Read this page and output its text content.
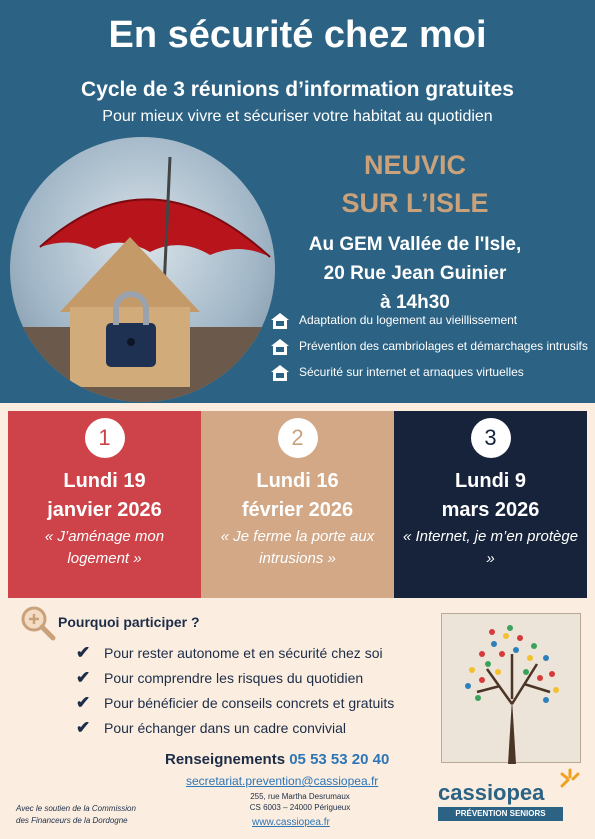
En sécurité chez moi
Cycle de 3 réunions d’information gratuites
Pour mieux vivre et sécuriser votre habitat au quotidien
NEUVIC
SUR L’ISLE
Au GEM Vallée de l'Isle,
20 Rue Jean Guinier
à 14h30
Adaptation du logement au vieillissement
Prévention des cambriolages et démarchages intrusifs
Sécurité sur internet et arnaques virtuelles
1
Lundi 19
janvier 2026
« J’aménage mon logement »
2
Lundi 16
février 2026
« Je ferme la porte aux intrusions »
3
Lundi 9
mars 2026
« Internet, je m’en protège »
Pourquoi participer ?
✔ Pour rester autonome et en sécurité chez soi
✔ Pour comprendre les risques du quotidien
✔ Pour bénéficier de conseils concrets et gratuits
✔ Pour échanger dans un cadre convivial
Renseignements 05 53 53 20 40
secretariat.prevention@cassiopea.fr
255, rue Martha Desrumaux
CS 6003 – 24000 Périgueux
www.cassiopea.fr
Avec le soutien de la Commission
des Financeurs de la Dordogne
cassiopea
PRÉVENTION SENIORS
